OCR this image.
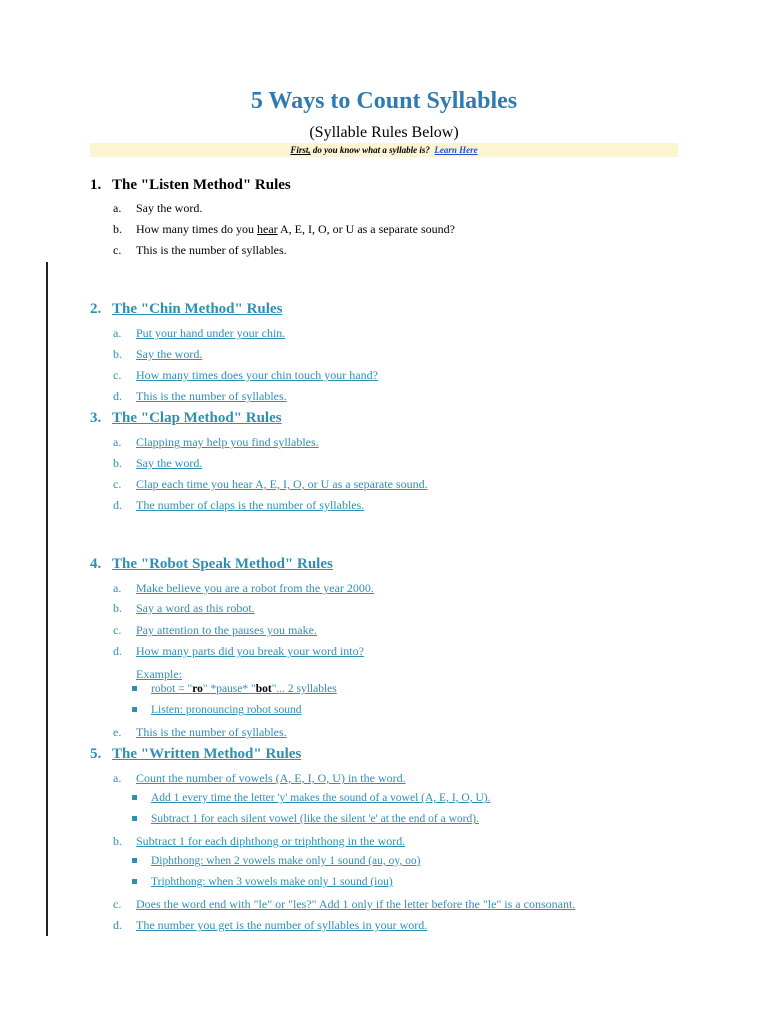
5 Ways to Count Syllables
(Syllable Rules Below)
First, do you know what a syllable is? Learn Here
1. The "Listen Method" Rules
a. Say the word.
b. How many times do you hear A, E, I, O, or U as a separate sound?
c. This is the number of syllables.
2. The "Chin Method" Rules
a. Put your hand under your chin.
b. Say the word.
c. How many times does your chin touch your hand?
d. This is the number of syllables.
3. The "Clap Method" Rules
a. Clapping may help you find syllables.
b. Say the word.
c. Clap each time you hear A, E, I, O, or U as a separate sound.
d. The number of claps is the number of syllables.
4. The "Robot Speak Method" Rules
a. Make believe you are a robot from the year 2000.
b. Say a word as this robot.
c. Pay attention to the pauses you make.
d. How many parts did you break your word into?
Example:
robot = "ro" *pause* "bot"... 2 syllables
Listen: pronouncing robot sound
e. This is the number of syllables.
5. The "Written Method" Rules
a. Count the number of vowels (A, E, I, O, U) in the word.
Add 1 every time the letter 'y' makes the sound of a vowel (A, E, I, O, U).
Subtract 1 for each silent vowel (like the silent 'e' at the end of a word).
b. Subtract 1 for each diphthong or triphthong in the word.
Diphthong: when 2 vowels make only 1 sound (au, oy, oo)
Triphthong: when 3 vowels make only 1 sound (iou)
c. Does the word end with "le" or "les?" Add 1 only if the letter before the "le" is a consonant.
d. The number you get is the number of syllables in your word.
